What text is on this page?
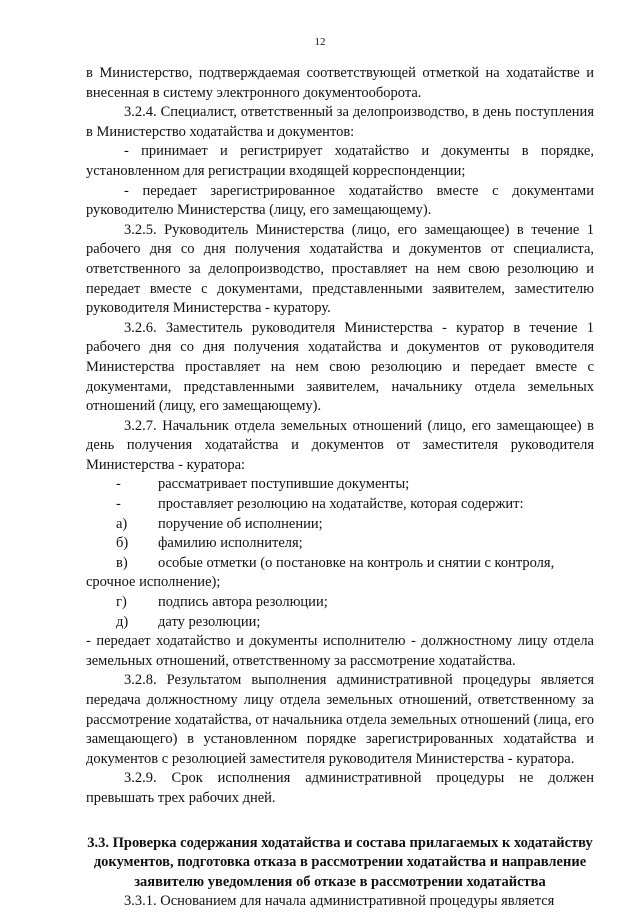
12

в Министерство, подтверждаемая соответствующей отметкой на ходатайстве и внесенная в систему электронного документооборота.

3.2.4. Специалист, ответственный за делопроизводство, в день поступления в Министерство ходатайства и документов:

- принимает и регистрирует ходатайство и документы в порядке, установленном для регистрации входящей корреспонденции;

- передает зарегистрированное ходатайство вместе с документами руководителю Министерства (лицу, его замещающему).

3.2.5. Руководитель Министерства (лицо, его замещающее) в течение 1 рабочего дня со дня получения ходатайства и документов от специалиста, ответственного за делопроизводство, проставляет на нем свою резолюцию и передает вместе с документами, представленными заявителем, заместителю руководителя Министерства - куратору.

3.2.6. Заместитель руководителя Министерства - куратор в течение 1 рабочего дня со дня получения ходатайства и документов от руководителя Министерства проставляет на нем свою резолюцию и передает вместе с документами, представленными заявителем, начальнику отдела земельных отношений (лицу, его замещающему).

3.2.7. Начальник отдела земельных отношений (лицо, его замещающее) в день получения ходатайства и документов от заместителя руководителя Министерства - куратора:

-	рассматривает поступившие документы;
-	проставляет резолюцию на ходатайстве, которая содержит:
а)	поручение об исполнении;
б)	фамилию исполнителя;
в)	особые отметки (о постановке на контроль и снятии с контроля,

срочное исполнение);

г)	подпись автора резолюции;
д)	дату резолюции;

- передает ходатайство и документы исполнителю - должностному лицу отдела земельных отношений, ответственному за рассмотрение ходатайства.

3.2.8. Результатом выполнения административной процедуры является передача должностному лицу отдела земельных отношений, ответственному за рассмотрение ходатайства, от начальника отдела земельных отношений (лица, его замещающего) в установленном порядке зарегистрированных ходатайства и документов с резолюцией заместителя руководителя Министерства - куратора.

3.2.9. Срок исполнения административной процедуры не должен превышать трех рабочих дней.

3.3. Проверка содержания ходатайства и состава прилагаемых к ходатайству документов, подготовка отказа в рассмотрении ходатайства и направление заявителю уведомления об отказе в рассмотрении ходатайства

3.3.1. Основанием для начала административной процедуры является
